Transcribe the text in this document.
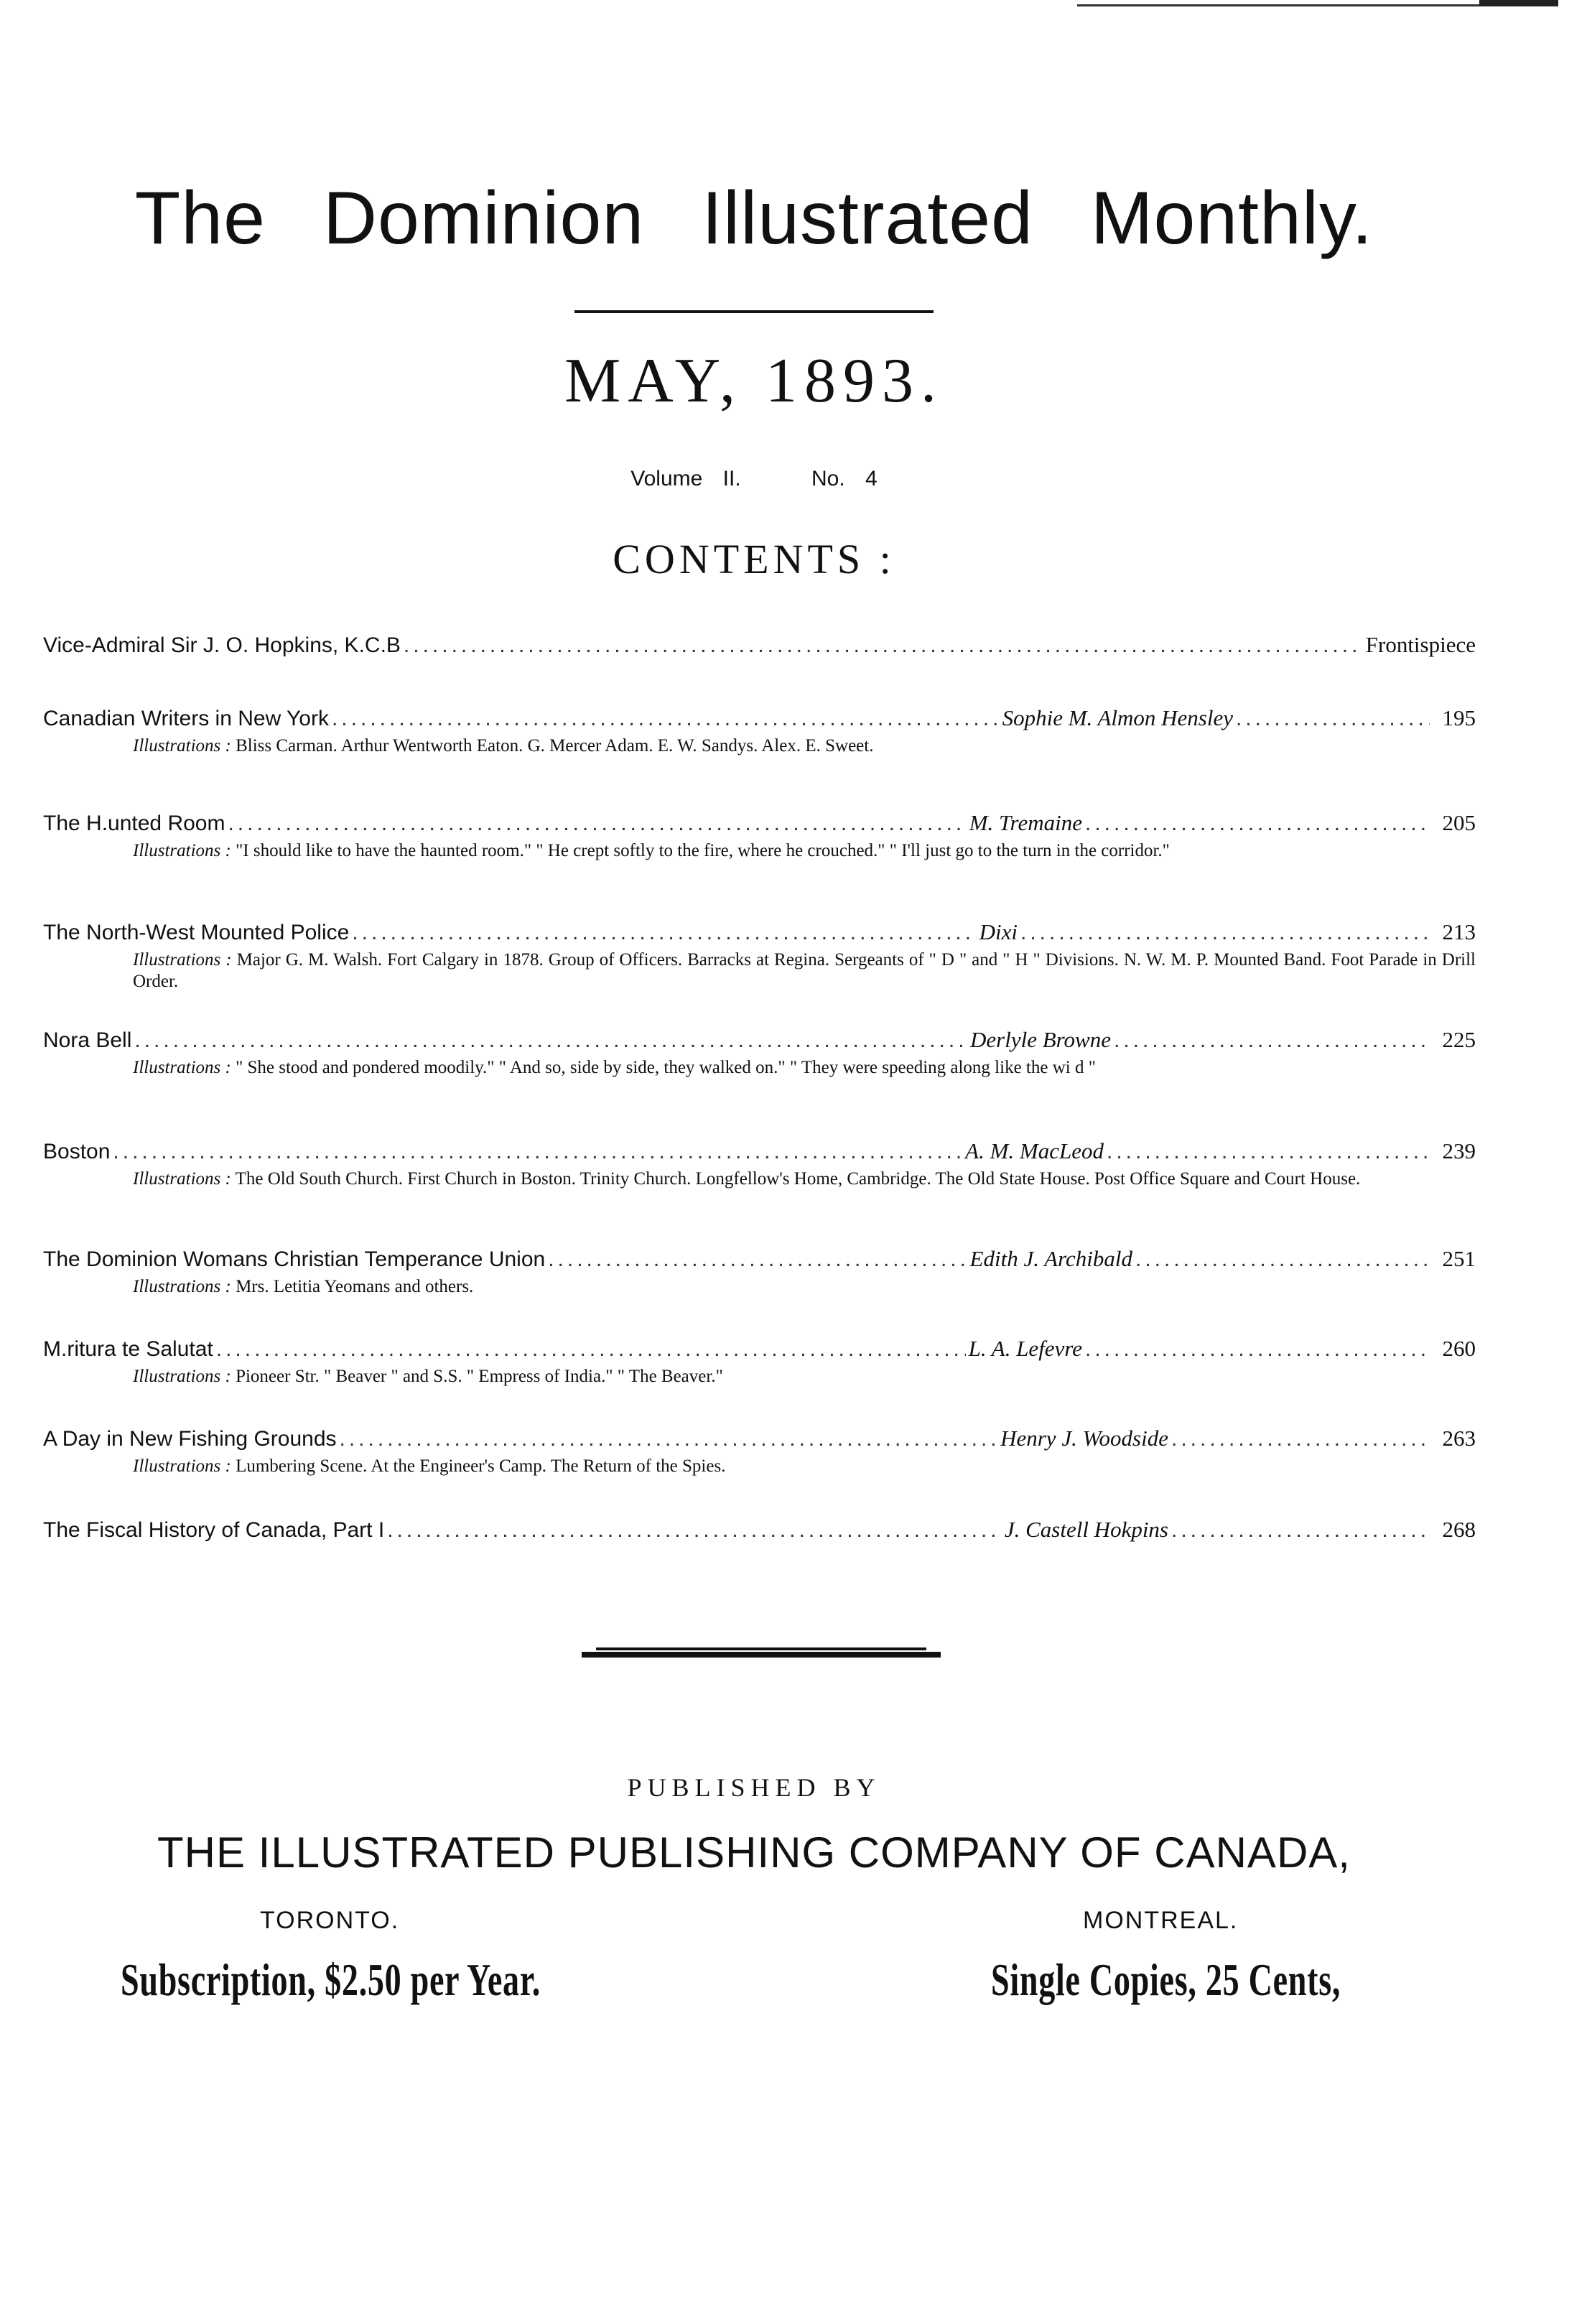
The Dominion Illustrated Monthly.
MAY, 1893.
Volume II.	No. 4
CONTENTS :
Vice-Admiral Sir J. O. Hopkins, K.C.B .....	Frontispiece
Canadian Writers in New York .....	Sophie M. Almon Hensley .....	195
Illustrations : Bliss Carman. Arthur Wentworth Eaton. G. Mercer Adam. E. W. Sandys. Alex. E. Sweet.
The H.unted Room .....	M. Tremaine .....	205
Illustrations : "I should like to have the haunted room." " He crept softly to the fire, where he crouched." " I'll just go to the turn in the corridor."
The North-West Mounted Police .....	Dixi .....	213
Illustrations : Major G. M. Walsh. Fort Calgary in 1878. Group of Officers. Barracks at Regina. Sergeants of " D " and " H " Divisions. N. W. M. P. Mounted Band. Foot Parade in Drill Order.
Nora Bell .....	Derlyle Browne .....	225
Illustrations : " She stood and pondered moodily." " And so, side by side, they walked on." " They were speeding along like the wi d "
Boston .....	A. M. MacLeod .....	239
Illustrations : The Old South Church. First Church in Boston. Trinity Church. Longfellow's Home, Cambridge. The Old State House. Post Office Square and Court House.
The Dominion Womans Christian Temperance Union .....	Edith J. Archibald .....	251
Illustrations : Mrs. Letitia Yeomans and others.
M.ritura te Salutat .....	L. A. Lefevre .....	260
Illustrations : Pioneer Str. " Beaver " and S.S. " Empress of India." " The Beaver."
A Day in New Fishing Grounds .....	Henry J. Woodside .....	263
Illustrations : Lumbering Scene. At the Engineer's Camp. The Return of the Spies.
The Fiscal History of Canada, Part I .....	J. Castell Hokpins .....	268
PUBLISHED BY
THE ILLUSTRATED PUBLISHING COMPANY OF CANADA,
TORONTO.	MONTREAL.
Subscription, $2.50 per Year.	Single Copies, 25 Cents,
